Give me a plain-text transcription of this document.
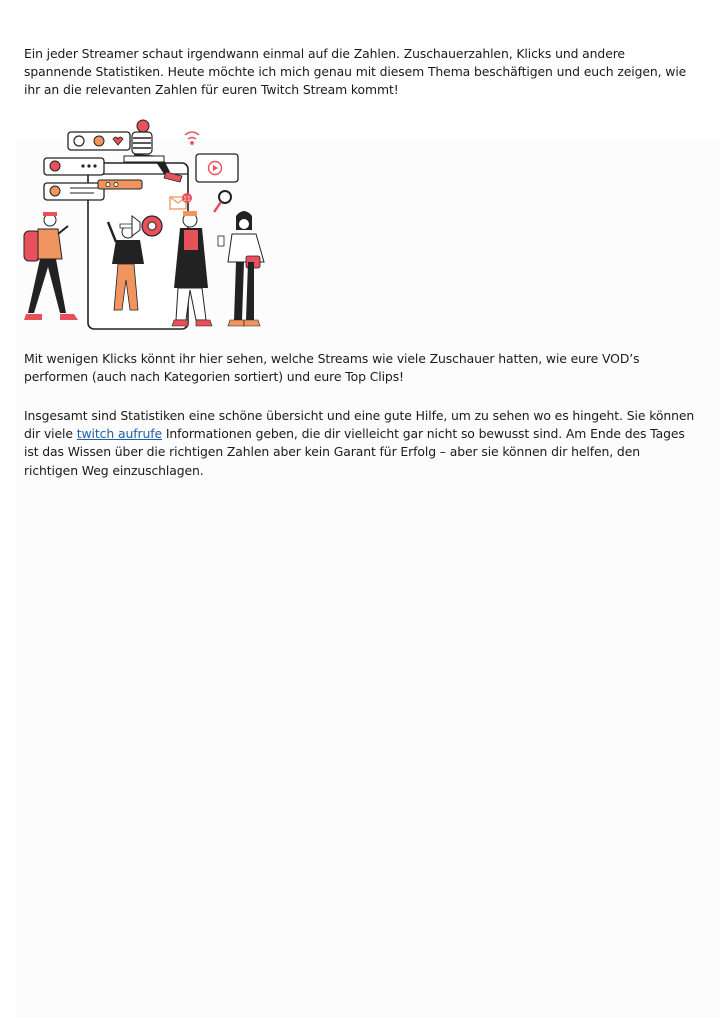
Ein jeder Streamer schaut irgendwann einmal auf die Zahlen. Zuschauerzahlen, Klicks und andere spannende Statistiken. Heute möchte ich mich genau mit diesem Thema beschäftigen und euch zeigen, wie ihr an die relevanten Zahlen für euren Twitch Stream kommt!

11

Mit wenigen Klicks könnt ihr hier sehen, welche Streams wie viele Zuschauer hatten, wie eure VOD’s performen (auch nach Kategorien sortiert) und eure Top Clips!

Insgesamt sind Statistiken eine schöne übersicht und eine gute Hilfe, um zu sehen wo es hingeht. Sie können dir viele twitch aufrufe Informationen geben, die dir vielleicht gar nicht so bewusst sind. Am Ende des Tages ist das Wissen über die richtigen Zahlen aber kein Garant für Erfolg – aber sie können dir helfen, den richtigen Weg einzuschlagen.
